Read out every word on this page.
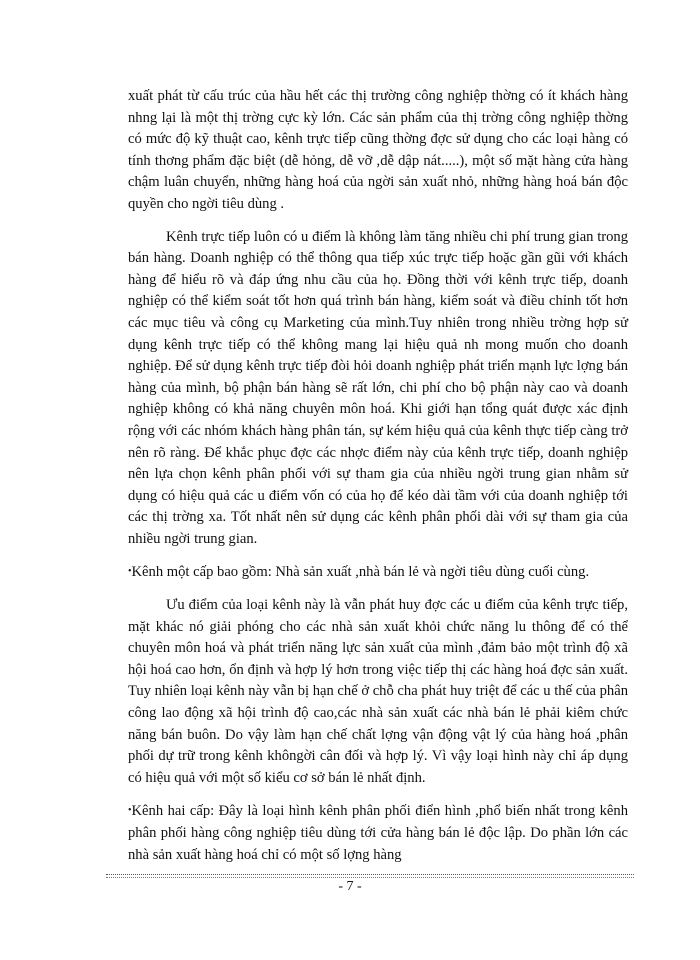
xuất phát từ cấu trúc của hầu hết các thị trường công nghiệp thờng có ít khách hàng nhng lại là một thị trờng cực kỳ lớn. Các sản phẩm của thị trờng công nghiệp thờng có mức độ kỹ thuật cao, kênh trực tiếp cũng thờng đợc sử dụng cho các loại hàng có tính thơng phẩm đặc biệt (dễ hỏng, dễ vỡ ,dễ dập nát.....), một số mặt hàng cửa hàng chậm luân chuyển, những hàng hoá của ngời sản xuất nhỏ, những hàng hoá bán độc quyền cho ngời tiêu dùng .

Kênh trực tiếp luôn có u điểm là không làm tăng nhiều chi phí trung gian trong bán hàng. Doanh nghiệp có thể thông qua tiếp xúc trực tiếp hoặc gần gũi với khách hàng để hiểu rõ và đáp ứng nhu cầu của họ. Đồng thời với kênh trực tiếp, doanh nghiệp có thể kiểm soát tốt hơn quá trình bán hàng, kiểm soát và điều chỉnh tốt hơn các mục tiêu và công cụ Marketing của mình.Tuy nhiên trong nhiều trờng hợp sử dụng kênh trực tiếp có thể không mang lại hiệu quả nh mong muốn cho doanh nghiệp. Để sử dụng kênh trực tiếp đòi hỏi doanh nghiệp phát triển mạnh lực lợng bán hàng của mình, bộ phận bán hàng sẽ rất lớn, chi phí cho bộ phận này cao và doanh nghiệp không có khả năng chuyên môn hoá. Khi giới hạn tổng quát được xác định rộng với các nhóm khách hàng phân tán, sự kém hiệu quả của kênh thực tiếp càng trở nên rõ ràng. Để khắc phục đợc các nhợc điểm này của kênh trực tiếp, doanh nghiệp nên lựa chọn kênh phân phối với sự tham gia của nhiều ngời trung gian nhằm sử dụng có hiệu quả các u điểm vốn có của họ để kéo dài tầm với của doanh nghiệp tới các thị trờng xa. Tốt nhất nên sử dụng các kênh phân phối dài với sự tham gia của nhiều ngời trung gian.

•Kênh một cấp bao gồm: Nhà sản xuất ,nhà bán lẻ và ngời tiêu dùng cuối cùng.

Ưu điểm của loại kênh này là vẫn phát huy đợc các u điểm của kênh trực tiếp, mặt khác nó giải phóng cho các nhà sản xuất khỏi chức năng lu thông để có thể chuyên môn hoá và phát triển năng lực sản xuất của mình ,đảm bảo một trình độ xã hội hoá cao hơn, ổn định và hợp lý hơn trong việc tiếp thị các hàng hoá đợc sản xuất. Tuy nhiên loại kênh này vẫn bị hạn chế ở chỗ cha phát huy triệt để các u thế của phân công lao động xã hội trình độ cao,các nhà sản xuất các nhà bán lẻ phải kiêm chức năng bán buôn. Do vậy làm hạn chế chất lợng vận động vật lý của hàng hoá ,phân phối dự trữ trong kênh khôngời cân đối và hợp lý. Vì vậy loại hình này chỉ áp dụng có hiệu quả với một số kiểu cơ sở bán lẻ nhất định.

•Kênh hai cấp: Đây là loại hình kênh phân phối điển hình ,phổ biến nhất trong kênh phân phối hàng công nghiệp tiêu dùng tới cửa hàng bán lẻ độc lập. Do phần lớn các nhà sản xuất hàng hoá chỉ có một số lợng hàng

- 7 -
